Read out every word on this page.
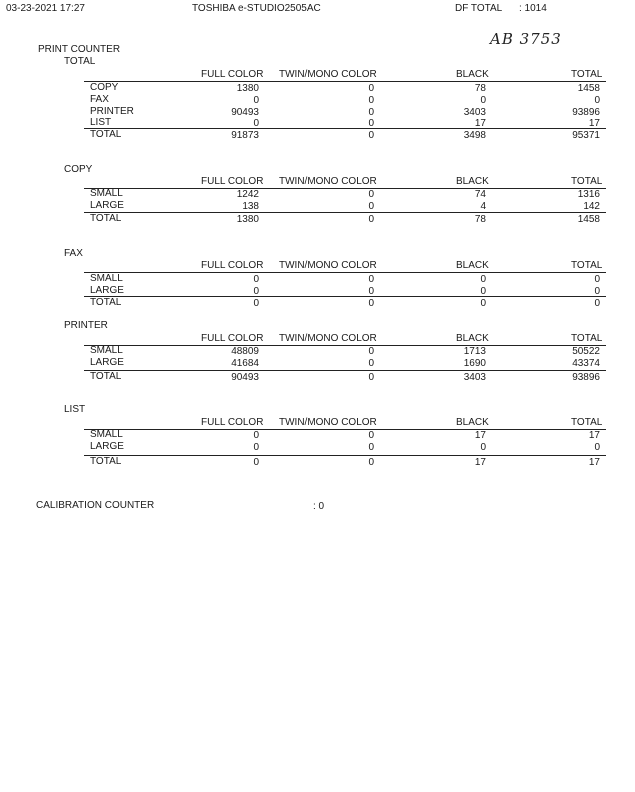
03-23-2021 17:27	TOSHIBA e-STUDIO2505AC	DF TOTAL : 1014
AB 3753
PRINT COUNTER
TOTAL
FULL COLOR TWIN/MONO COLOR	BLACK	TOTAL
COPY	1380	0	78	1458
FAX	0	0	0	0
PRINTER	90493	0	3403	93896
LIST	0	0	17	17
TOTAL	91873	0	3498	95371
COPY
FULL COLOR TWIN/MONO COLOR	BLACK	TOTAL
SMALL	1242	0	74	1316
LARGE	138	0	4	142
TOTAL	1380	0	78	1458
FAX
FULL COLOR TWIN/MONO COLOR	BLACK	TOTAL
SMALL	0	0	0	0
LARGE	0	0	0	0
TOTAL	0	0	0	0
PRINTER
FULL COLOR TWIN/MONO COLOR	BLACK	TOTAL
SMALL	48809	0	1713	50522
LARGE	41684	0	1690	43374
TOTAL	90493	0	3403	93896
LIST
FULL COLOR TWIN/MONO COLOR	BLACK	TOTAL
SMALL	0	0	17	17
LARGE	0	0	0	0
TOTAL	0	0	17	17
CALIBRATION COUNTER	: 0
